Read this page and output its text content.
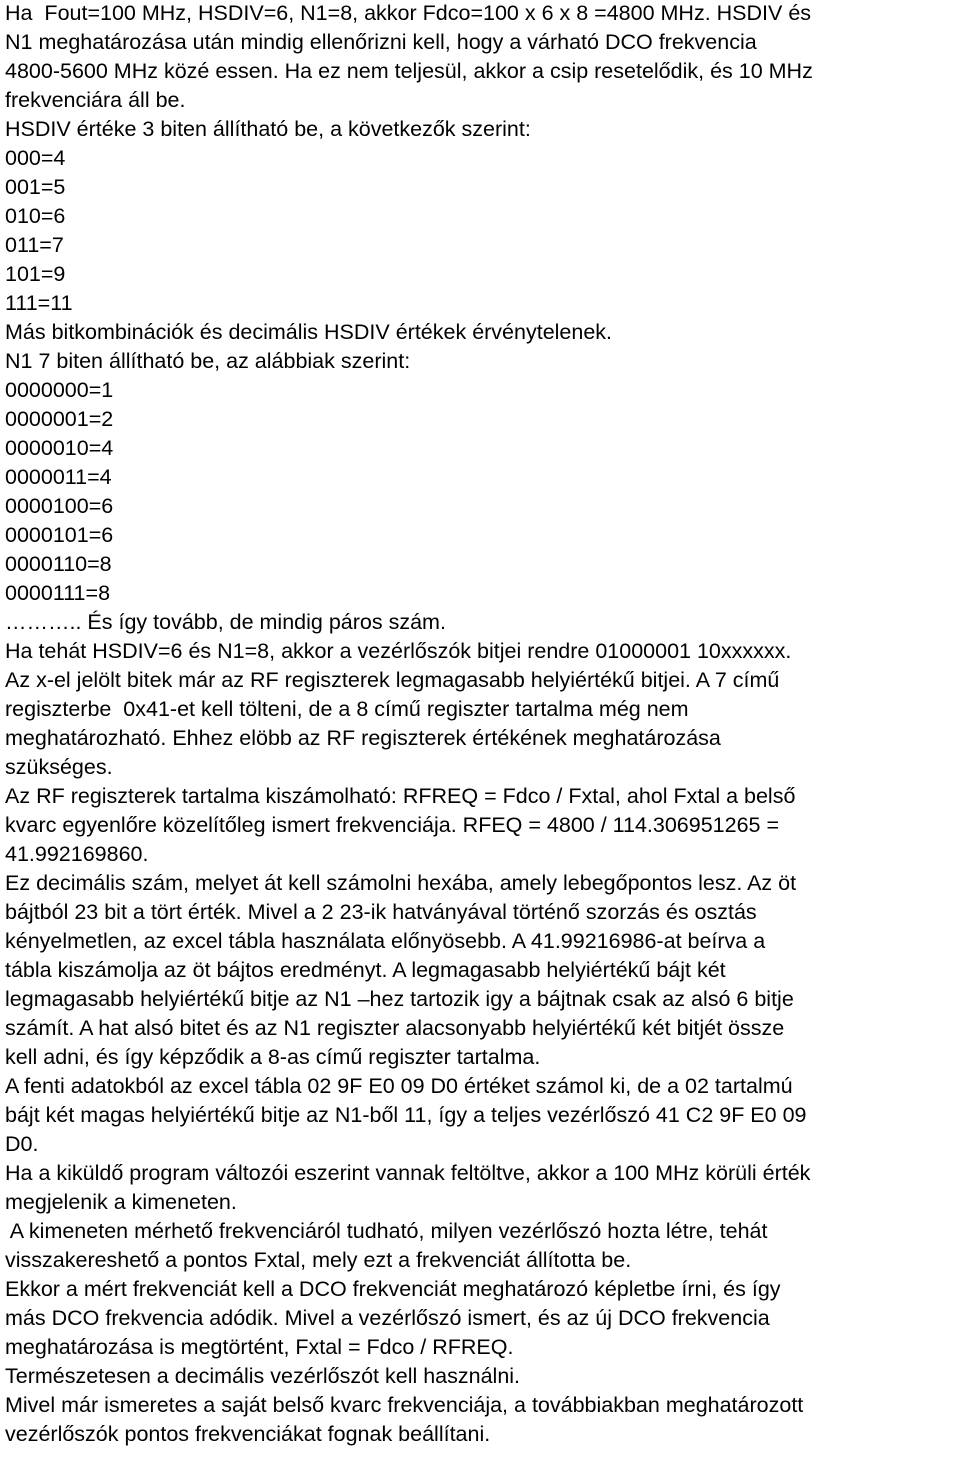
Ha  Fout=100 MHz, HSDIV=6, N1=8, akkor Fdco=100 x 6 x 8 =4800 MHz. HSDIV és

N1 meghatározása után mindig ellenőrizni kell, hogy a várható DCO frekvencia

4800-5600 MHz közé essen. Ha ez nem teljesül, akkor a csip resetelődik, és 10 MHz

frekvenciára áll be.

HSDIV értéke 3 biten állítható be, a következők szerint:

000=4

001=5

010=6

011=7

101=9

111=11

Más bitkombinációk és decimális HSDIV értékek érvénytelenek.

N1 7 biten állítható be, az alábbiak szerint:

0000000=1

0000001=2

0000010=4

0000011=4

0000100=6

0000101=6

0000110=8

0000111=8

……….. És így tovább, de mindig páros szám.

Ha tehát HSDIV=6 és N1=8, akkor a vezérlőszók bitjei rendre 01000001 10xxxxxx.

Az x-el jelölt bitek már az RF regiszterek legmagasabb helyiértékű bitjei. A 7 című

regiszterbe  0x41-et kell tölteni, de a 8 című regiszter tartalma még nem

meghatározható. Ehhez elöbb az RF regiszterek értékének meghatározása

szükséges.

Az RF regiszterek tartalma kiszámolható: RFREQ = Fdco / Fxtal, ahol Fxtal a belső

kvarc egyenlőre közelítőleg ismert frekvenciája. RFEQ = 4800 / 114.306951265 =

41.992169860.

Ez decimális szám, melyet át kell számolni hexába, amely lebegőpontos lesz. Az öt

bájtból 23 bit a tört érték. Mivel a 2 23-ik hatványával történő szorzás és osztás

kényelmetlen, az excel tábla használata előnyösebb. A 41.99216986-at beírva a

tábla kiszámolja az öt bájtos eredményt. A legmagasabb helyiértékű bájt két

legmagasabb helyiértékű bitje az N1 –hez tartozik igy a bájtnak csak az alsó 6 bitje

számít. A hat alsó bitet és az N1 regiszter alacsonyabb helyiértékű két bitjét össze

kell adni, és így képződik a 8-as című regiszter tartalma.

A fenti adatokból az excel tábla 02 9F E0 09 D0 értéket számol ki, de a 02 tartalmú

bájt két magas helyiértékű bitje az N1-ből 11, így a teljes vezérlőszó 41 C2 9F E0 09

D0.

Ha a kiküldő program változói eszerint vannak feltöltve, akkor a 100 MHz körüli érték

megjelenik a kimeneten.

A kimeneten mérhető frekvenciáról tudható, milyen vezérlőszó hozta létre, tehát

visszakereshető a pontos Fxtal, mely ezt a frekvenciát állította be.

Ekkor a mért frekvenciát kell a DCO frekvenciát meghatározó képletbe írni, és így

más DCO frekvencia adódik. Mivel a vezérlőszó ismert, és az új DCO frekvencia

meghatározása is megtörtént, Fxtal = Fdco / RFREQ.

Természetesen a decimális vezérlőszót kell használni.

Mivel már ismeretes a saját belső kvarc frekvenciája, a továbbiakban meghatározott

vezérlőszók pontos frekvenciákat fognak beállítani.
